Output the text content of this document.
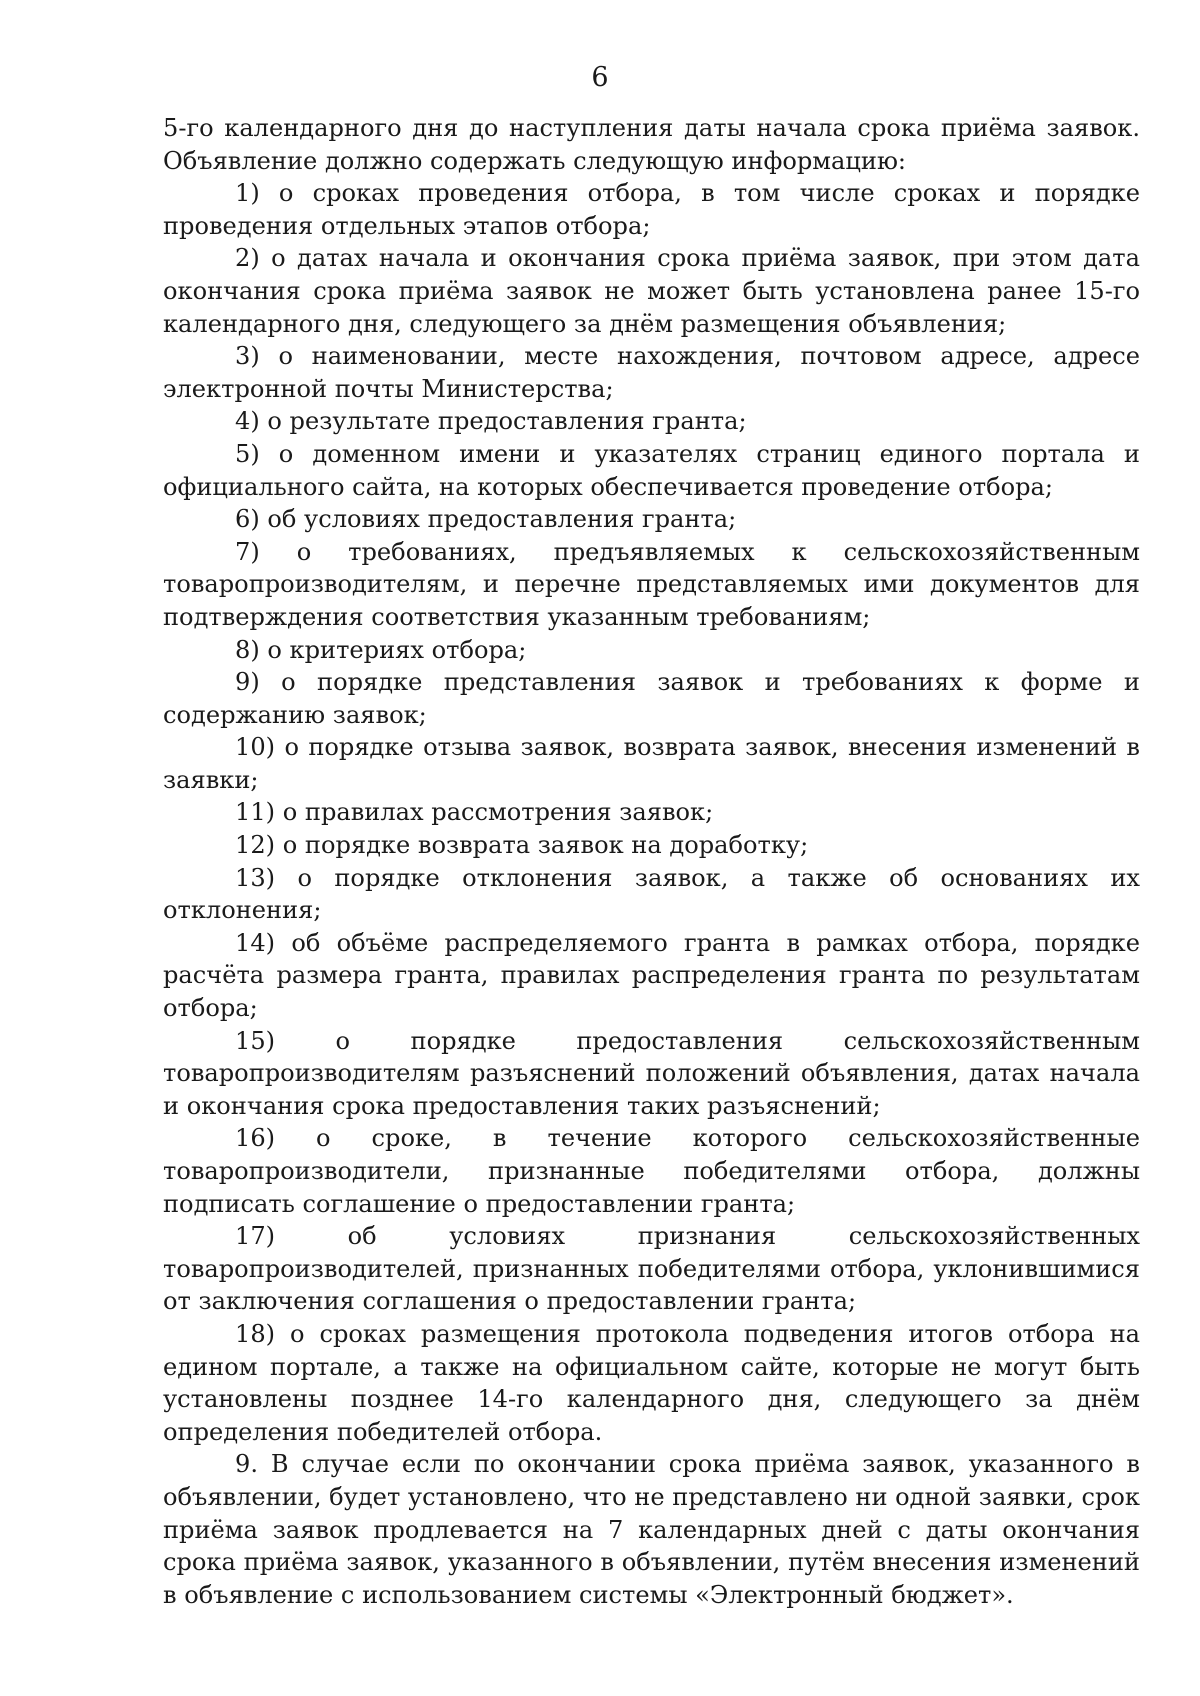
6

5-го календарного дня до наступления даты начала срока приёма заявок. Объявление должно содержать следующую информацию:

1) о сроках проведения отбора, в том числе сроках и порядке проведения отдельных этапов отбора;

2) о датах начала и окончания срока приёма заявок, при этом дата окончания срока приёма заявок не может быть установлена ранее 15-го календарного дня, следующего за днём размещения объявления;

3) о наименовании, месте нахождения, почтовом адресе, адресе электронной почты Министерства;

4) о результате предоставления гранта;

5) о доменном имени и указателях страниц единого портала и официального сайта, на которых обеспечивается проведение отбора;

6) об условиях предоставления гранта;

7) о требованиях, предъявляемых к сельскохозяйственным товаропроизводителям, и перечне представляемых ими документов для подтверждения соответствия указанным требованиям;

8) о критериях отбора;

9) о порядке представления заявок и требованиях к форме и содержанию заявок;

10) о порядке отзыва заявок, возврата заявок, внесения изменений в заявки;

11) о правилах рассмотрения заявок;

12) о порядке возврата заявок на доработку;

13) о порядке отклонения заявок, а также об основаниях их отклонения;

14) об объёме распределяемого гранта в рамках отбора, порядке расчёта размера гранта, правилах распределения гранта по результатам отбора;

15) о порядке предоставления сельскохозяйственным товаропроизводителям разъяснений положений объявления, датах начала и окончания срока предоставления таких разъяснений;

16) о сроке, в течение которого сельскохозяйственные товаропроизводители, признанные победителями отбора, должны подписать соглашение о предоставлении гранта;

17) об условиях признания сельскохозяйственных товаропроизводителей, признанных победителями отбора, уклонившимися от заключения соглашения о предоставлении гранта;

18) о сроках размещения протокола подведения итогов отбора на едином портале, а также на официальном сайте, которые не могут быть установлены позднее 14-го календарного дня, следующего за днём определения победителей отбора.

9. В случае если по окончании срока приёма заявок, указанного в объявлении, будет установлено, что не представлено ни одной заявки, срок приёма заявок продлевается на 7 календарных дней с даты окончания срока приёма заявок, указанного в объявлении, путём внесения изменений в объявление с использованием системы «Электронный бюджет».
